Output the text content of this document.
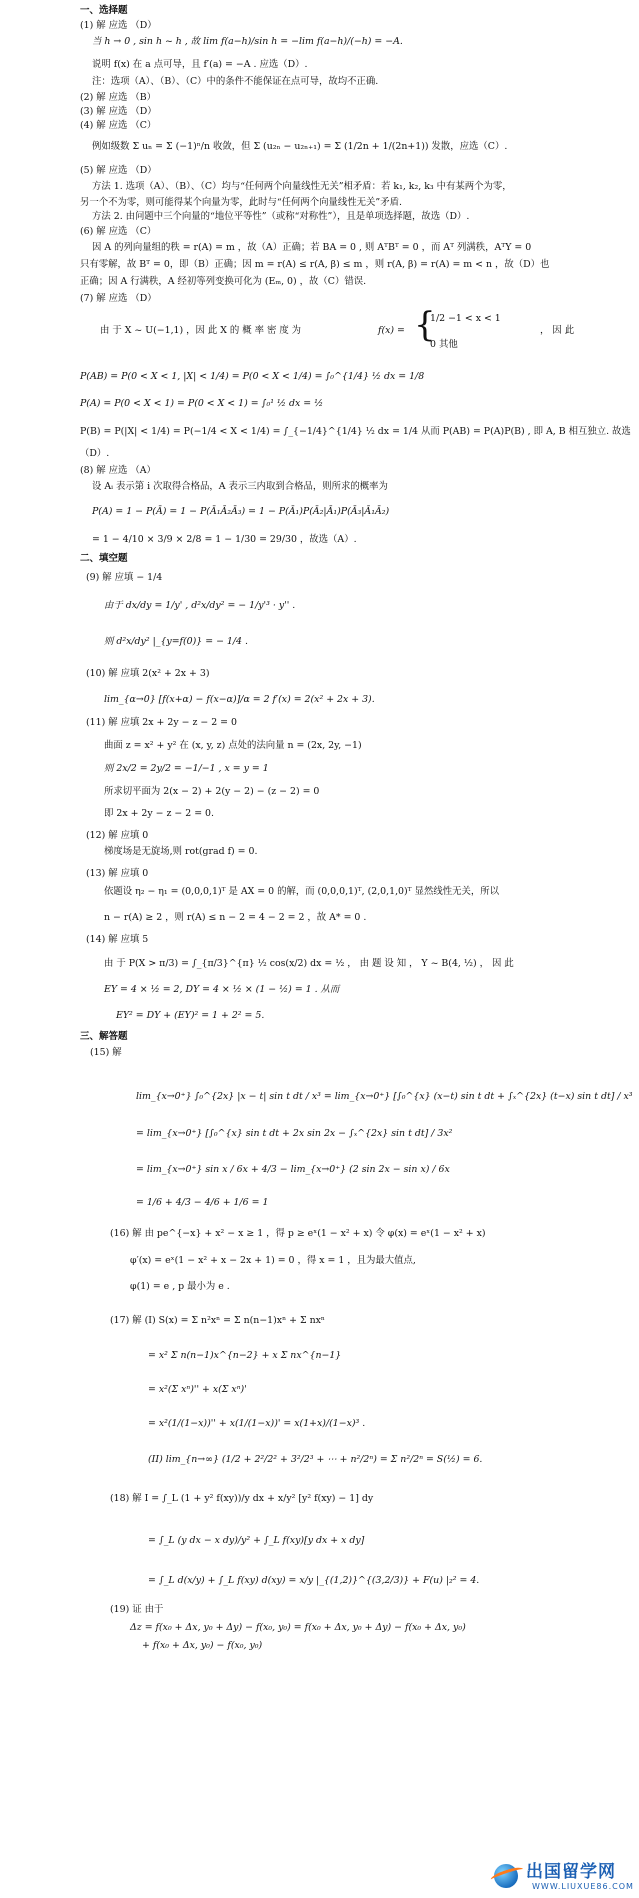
一、选择题
(1) 解 应选 （D）
当 h → 0 , sin h ~ h , 故 lim f(a−h)/sin h = −lim f(a−h)/(−h) = −A.
说明 f(x) 在 a 点可导，且 f′(a) = −A . 应选（D）.
注：选项（A）、（B）、（C）中的条件不能保证在点可导，故均不正确.
(2) 解 应选 （B）
(3) 解 应选 （D）
(4) 解 应选 （C）
例如级数 Σ uₙ = Σ (−1)ⁿ/n 收敛，但 Σ (u₂ₙ − u₂ₙ₊₁) = Σ (1/2n + 1/(2n+1)) 发散，应选（C）.
(5) 解 应选 （D）
方法 1. 选项（A）、（B）、（C）均与“任何两个向量线性无关”相矛盾：若 k₁, k₂, k₃ 中有某两个为零，
另一个不为零，则可能得某个向量为零，此时与“任何两个向量线性无关”矛盾.
方法 2. 由问题中三个向量的“地位平等性”（或称“对称性”），且是单项选择题，故选（D）.
(6) 解 应选 （C）
因 A 的列向量组的秩 = r(A) = m ，故（A）正确；若 BA = 0 , 则 AᵀBᵀ = 0 ，而 Aᵀ 列满秩，AᵀY = 0
只有零解，故 Bᵀ = 0，即（B）正确；因 m = r(A) ≤ r(A, β) ≤ m ，则 r(A, β) = r(A) = m < n ，故（D）也
正确；因 A 行满秩，A 经初等列变换可化为 (Eₘ, 0) ，故（C）错误.
(7) 解 应选 （D）
由 于 X ~ U(−1,1) ，因 此 X 的 概 率 密 度 为	f(x) =
1/2 −1 < x < 1
0 其他
， 因 此
P(AB) = P(0 < X < 1, |X| < 1/4) = P(0 < X < 1/4) = ∫₀^{1/4} ½ dx = 1/8
P(A) = P(0 < X < 1) = P(0 < X < 1) = ∫₀¹ ½ dx = ½
P(B) = P(|X| < 1/4) = P(−1/4 < X < 1/4) = ∫_{−1/4}^{1/4} ½ dx = 1/4 从而 P(AB) = P(A)P(B) , 即 A, B 相互独立. 故选
（D）.
(8) 解 应选 （A）
设 Aᵢ 表示第 i 次取得合格品，A 表示三内取到合格品，则所求的概率为
P(A) = 1 − P(Ā) = 1 − P(Ā₁Ā₂Ā₃) = 1 − P(Ā₁)P(Ā₂|Ā₁)P(Ā₃|Ā₁Ā₂)
= 1 − 4/10 × 3/9 × 2/8 = 1 − 1/30 = 29/30 ，故选（A）.
二、填空题
(9) 解 应填 − 1/4
由于 dx/dy = 1/y' , d²x/dy² = − 1/y'³ · y'' .
则 d²x/dy² |_{y=f(0)} = − 1/4 .
(10) 解 应填 2(x² + 2x + 3)
lim_{α→0} [f(x+α) − f(x−α)]/α = 2 f′(x) = 2(x² + 2x + 3).
(11) 解 应填 2x + 2y − z − 2 = 0
曲面 z = x² + y² 在 (x, y, z) 点处的法向量 n = (2x, 2y, −1)
则 2x/2 = 2y/2 = −1/−1 , x = y = 1
所求切平面为 2(x − 2) + 2(y − 2) − (z − 2) = 0
即 2x + 2y − z − 2 = 0.
(12) 解 应填 0
梯度场是无旋场,则 rot(grad f) = 0.
(13) 解 应填 0
依题设 η₂ − η₁ = (0,0,0,1)ᵀ 是 AX = 0 的解，而 (0,0,0,1)ᵀ, (2,0,1,0)ᵀ 显然线性无关，所以
n − r(A) ≥ 2 ，则 r(A) ≤ n − 2 = 4 − 2 = 2 ，故 A* = 0 .
(14) 解 应填 5
由 于 P(X > π/3) = ∫_{π/3}^{π} ½ cos(x/2) dx = ½ ， 由 题 设 知 ， Y ~ B(4, ½) ， 因 此
EY = 4 × ½ = 2, DY = 4 × ½ × (1 − ½) = 1 . 从而
EY² = DY + (EY)² = 1 + 2² = 5.
三、解答题
(15) 解
lim_{x→0⁺} ∫₀^{2x} |x − t| sin t dt / x³ = lim_{x→0⁺} [∫₀^{x} (x−t) sin t dt + ∫ₓ^{2x} (t−x) sin t dt] / x³
= lim_{x→0⁺} [∫₀^{x} sin t dt + 2x sin 2x − ∫ₓ^{2x} sin t dt] / 3x²
= lim_{x→0⁺} sin x / 6x + 4/3 − lim_{x→0⁺} (2 sin 2x − sin x) / 6x
= 1/6 + 4/3 − 4/6 + 1/6 = 1
(16) 解 由 pe^{−x} + x² − x ≥ 1 ，得 p ≥ eˣ(1 − x² + x) 令 φ(x) = eˣ(1 − x² + x)
φ′(x) = eˣ(1 − x² + x − 2x + 1) = 0 ，得 x = 1 ，且为最大值点,
φ(1) = e , p 最小为 e .
(17) 解 (I) S(x) = Σ n²xⁿ = Σ n(n−1)xⁿ + Σ nxⁿ
= x² Σ n(n−1)x^{n−2} + x Σ nx^{n−1}
= x²(Σ xⁿ)'' + x(Σ xⁿ)'
= x²(1/(1−x))'' + x(1/(1−x))' = x(1+x)/(1−x)³ .
(II) lim_{n→∞} (1/2 + 2²/2² + 3²/2³ + ⋯ + n²/2ⁿ) = Σ n²/2ⁿ = S(½) = 6.
(18) 解 I = ∫_L (1 + y² f(xy))/y dx + x/y² [y² f(xy) − 1] dy
= ∫_L (y dx − x dy)/y² + ∫_L f(xy)[y dx + x dy]
= ∫_L d(x/y) + ∫_L f(xy) d(xy) = x/y |_{(1,2)}^{(3,2/3)} + F(u) |₂² = 4.
(19) 证 由于
Δz = f(x₀ + Δx, y₀ + Δy) − f(x₀, y₀) = f(x₀ + Δx, y₀ + Δy) − f(x₀ + Δx, y₀)
+ f(x₀ + Δx, y₀) − f(x₀, y₀)
{
出国留学网
WWW.LIUXUE86.COM
